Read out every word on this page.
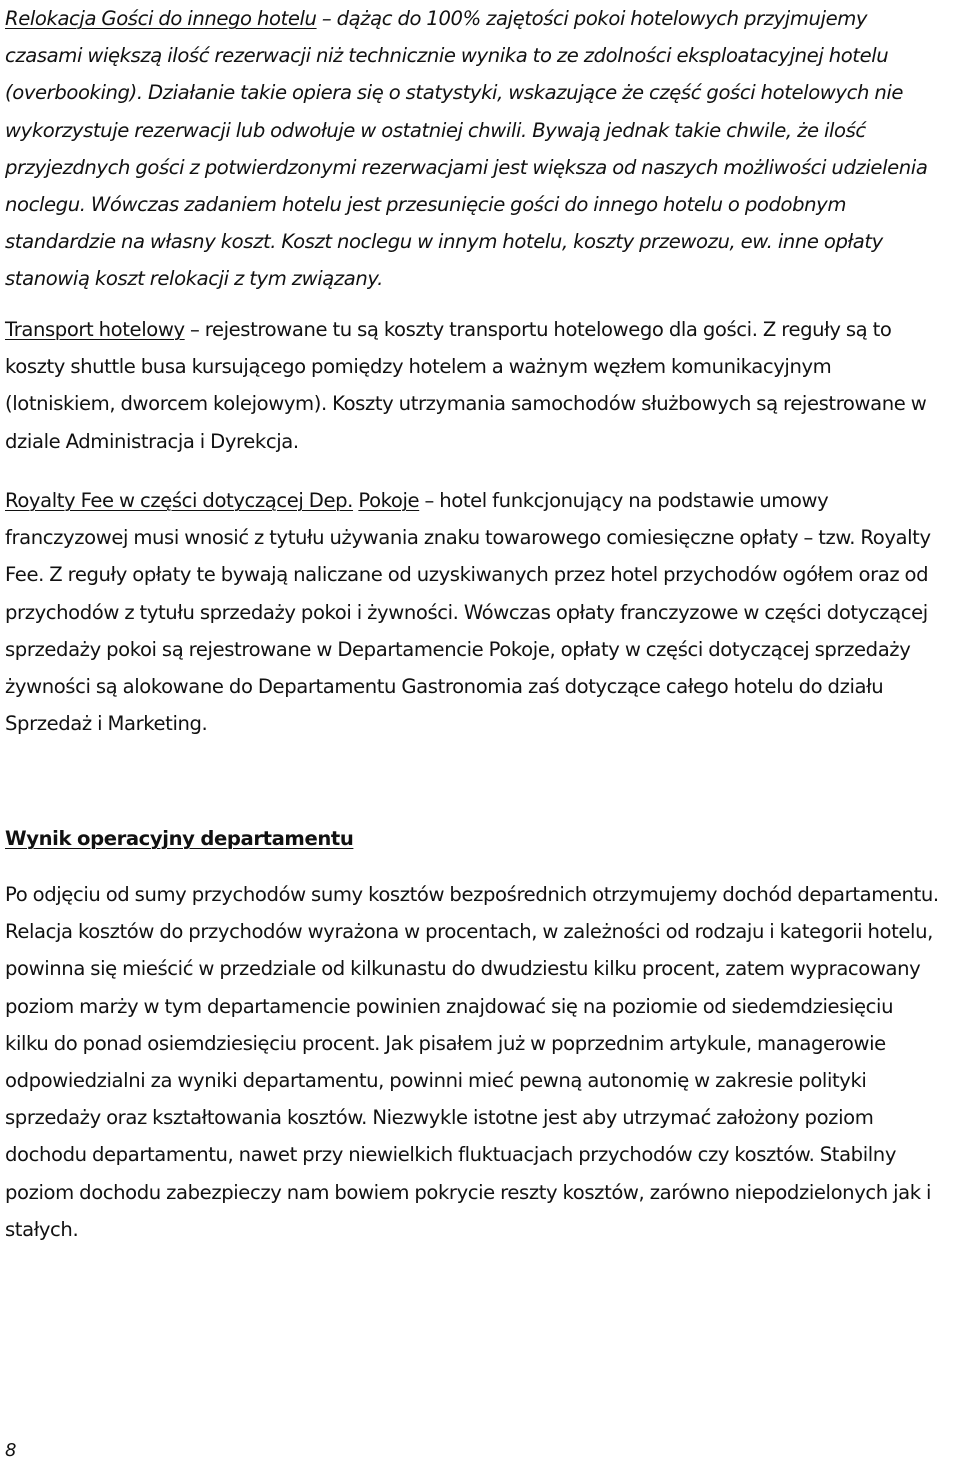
Relokacja Gości do innego hotelu – dążąc do 100% zajętości pokoi hotelowych przyjmujemy czasami większą ilość rezerwacji niż technicznie wynika to ze zdolności eksploatacyjnej hotelu (overbooking). Działanie takie opiera się o statystyki, wskazujące że część gości hotelowych nie wykorzystuje rezerwacji lub odwołuje w ostatniej chwili. Bywają jednak takie chwile, że ilość przyjezdnych gości z potwierdzonymi rezerwacjami jest większa od naszych możliwości udzielenia noclegu. Wówczas zadaniem hotelu jest przesunięcie gości do innego hotelu o podobnym standardzie na własny koszt. Koszt noclegu w innym hotelu, koszty przewozu, ew. inne opłaty stanowią koszt relokacji z tym związany.

Transport hotelowy – rejestrowane tu są koszty transportu hotelowego dla gości. Z reguły są to koszty shuttle busa kursującego pomiędzy hotelem a ważnym węzłem komunikacyjnym (lotniskiem, dworcem kolejowym). Koszty utrzymania samochodów służbowych są rejestrowane w dziale Administracja i Dyrekcja.

Royalty Fee w części dotyczącej Dep. Pokoje – hotel funkcjonujący na podstawie umowy franczyzowej musi wnosić z tytułu używania znaku towarowego comiesięczne opłaty – tzw. Royalty Fee. Z reguły opłaty te bywają naliczane od uzyskiwanych przez hotel przychodów ogółem oraz od przychodów z tytułu sprzedaży pokoi i żywności. Wówczas opłaty franczyzowe w części dotyczącej sprzedaży pokoi są rejestrowane w Departamencie Pokoje, opłaty w części dotyczącej sprzedaży żywności są alokowane do Departamentu Gastronomia zaś dotyczące całego hotelu do działu Sprzedaż i Marketing.

Wynik operacyjny departamentu

Po odjęciu od sumy przychodów sumy kosztów bezpośrednich otrzymujemy dochód departamentu. Relacja kosztów do przychodów wyrażona w procentach, w zależności od rodzaju i kategorii hotelu, powinna się mieścić w przedziale od kilkunastu do dwudziestu kilku procent, zatem wypracowany poziom marży w tym departamencie powinien znajdować się na poziomie od siedemdziesięciu kilku do ponad osiemdziesięciu procent. Jak pisałem już w poprzednim artykule, managerowie odpowiedzialni za wyniki departamentu, powinni mieć pewną autonomię w zakresie polityki sprzedaży oraz kształtowania kosztów. Niezwykle istotne jest aby utrzymać założony poziom dochodu departamentu, nawet przy niewielkich fluktuacjach przychodów czy kosztów. Stabilny poziom dochodu zabezpieczy nam bowiem pokrycie reszty kosztów, zarówno niepodzielonych jak i stałych.

8
